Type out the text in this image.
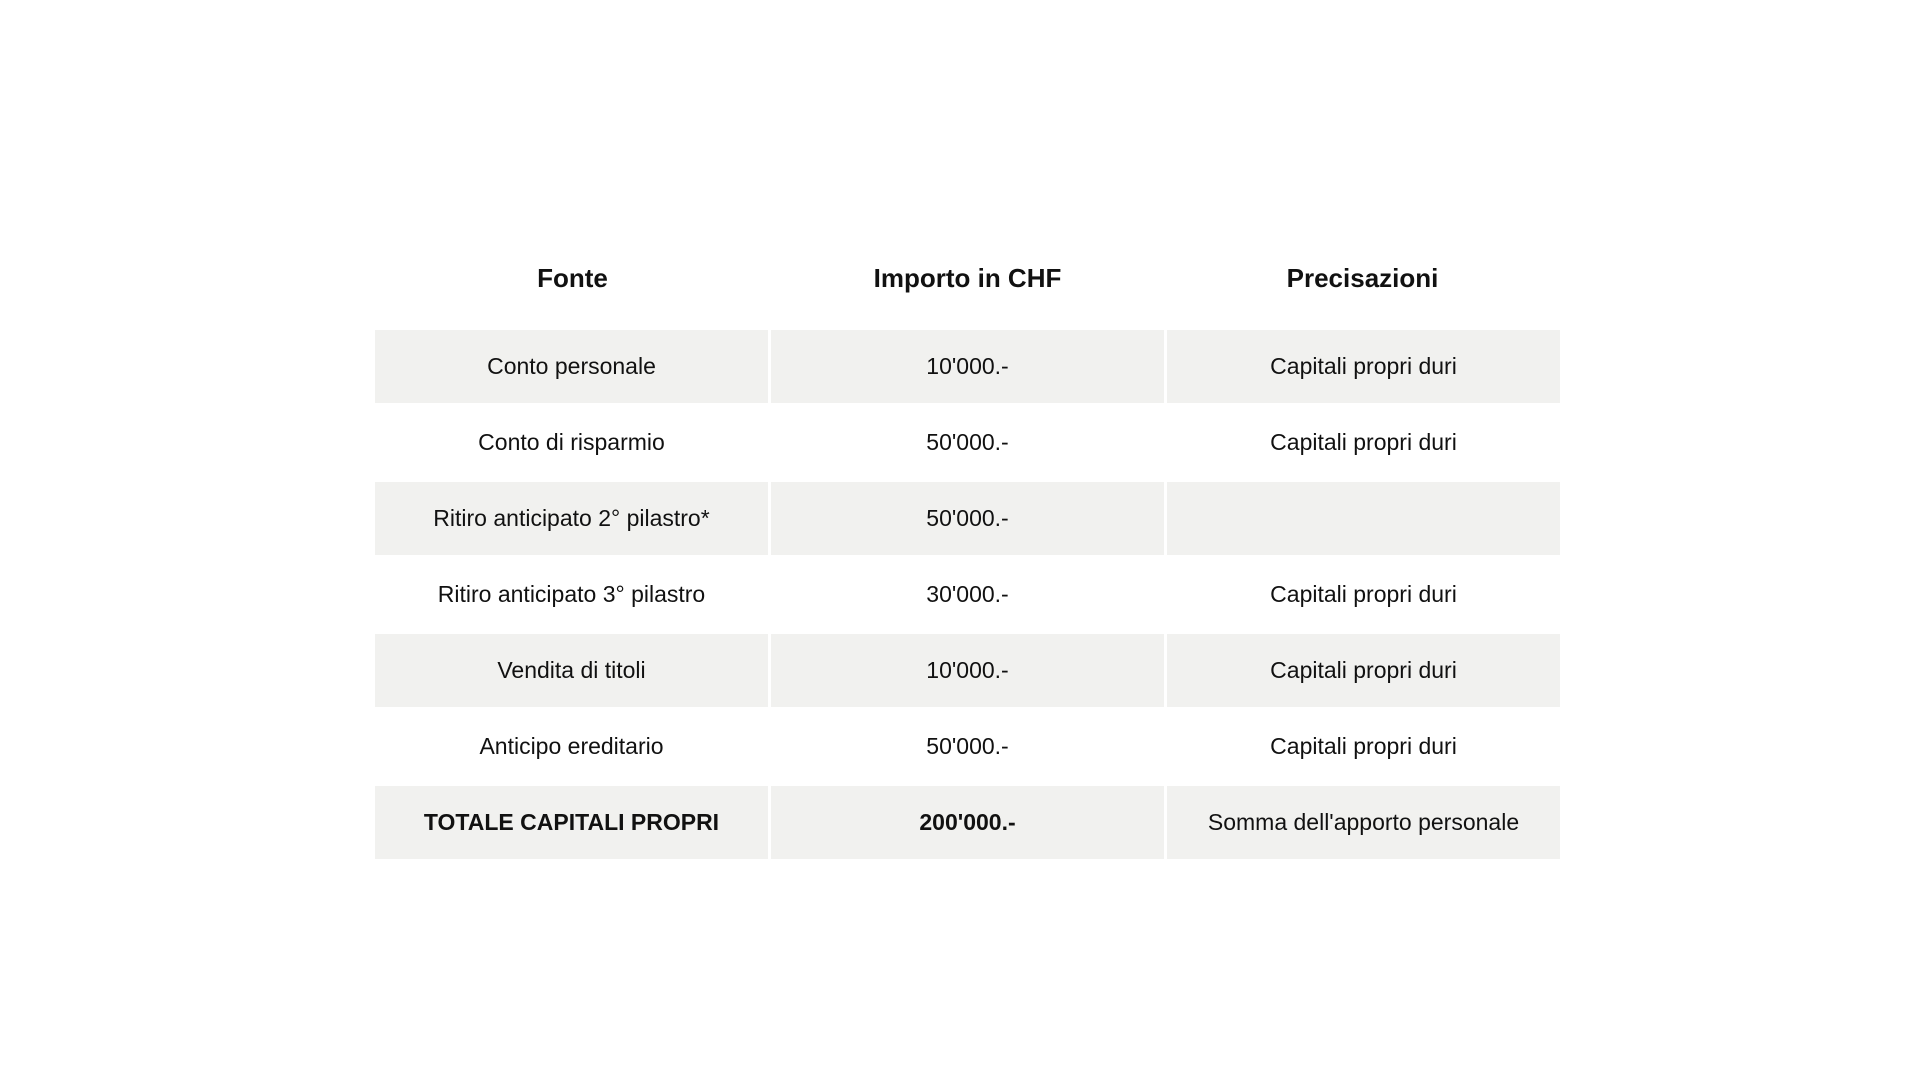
Fonte	Importo in CHF	Precisazioni
Conto personale	10'000.-	Capitali propri duri
Conto di risparmio	50'000.-	Capitali propri duri
Ritiro anticipato 2° pilastro*	50'000.-
Ritiro anticipato 3° pilastro	30'000.-	Capitali propri duri
Vendita di titoli	10'000.-	Capitali propri duri
Anticipo ereditario	50'000.-	Capitali propri duri
TOTALE CAPITALI PROPRI	200'000.-	Somma dell'apporto personale
